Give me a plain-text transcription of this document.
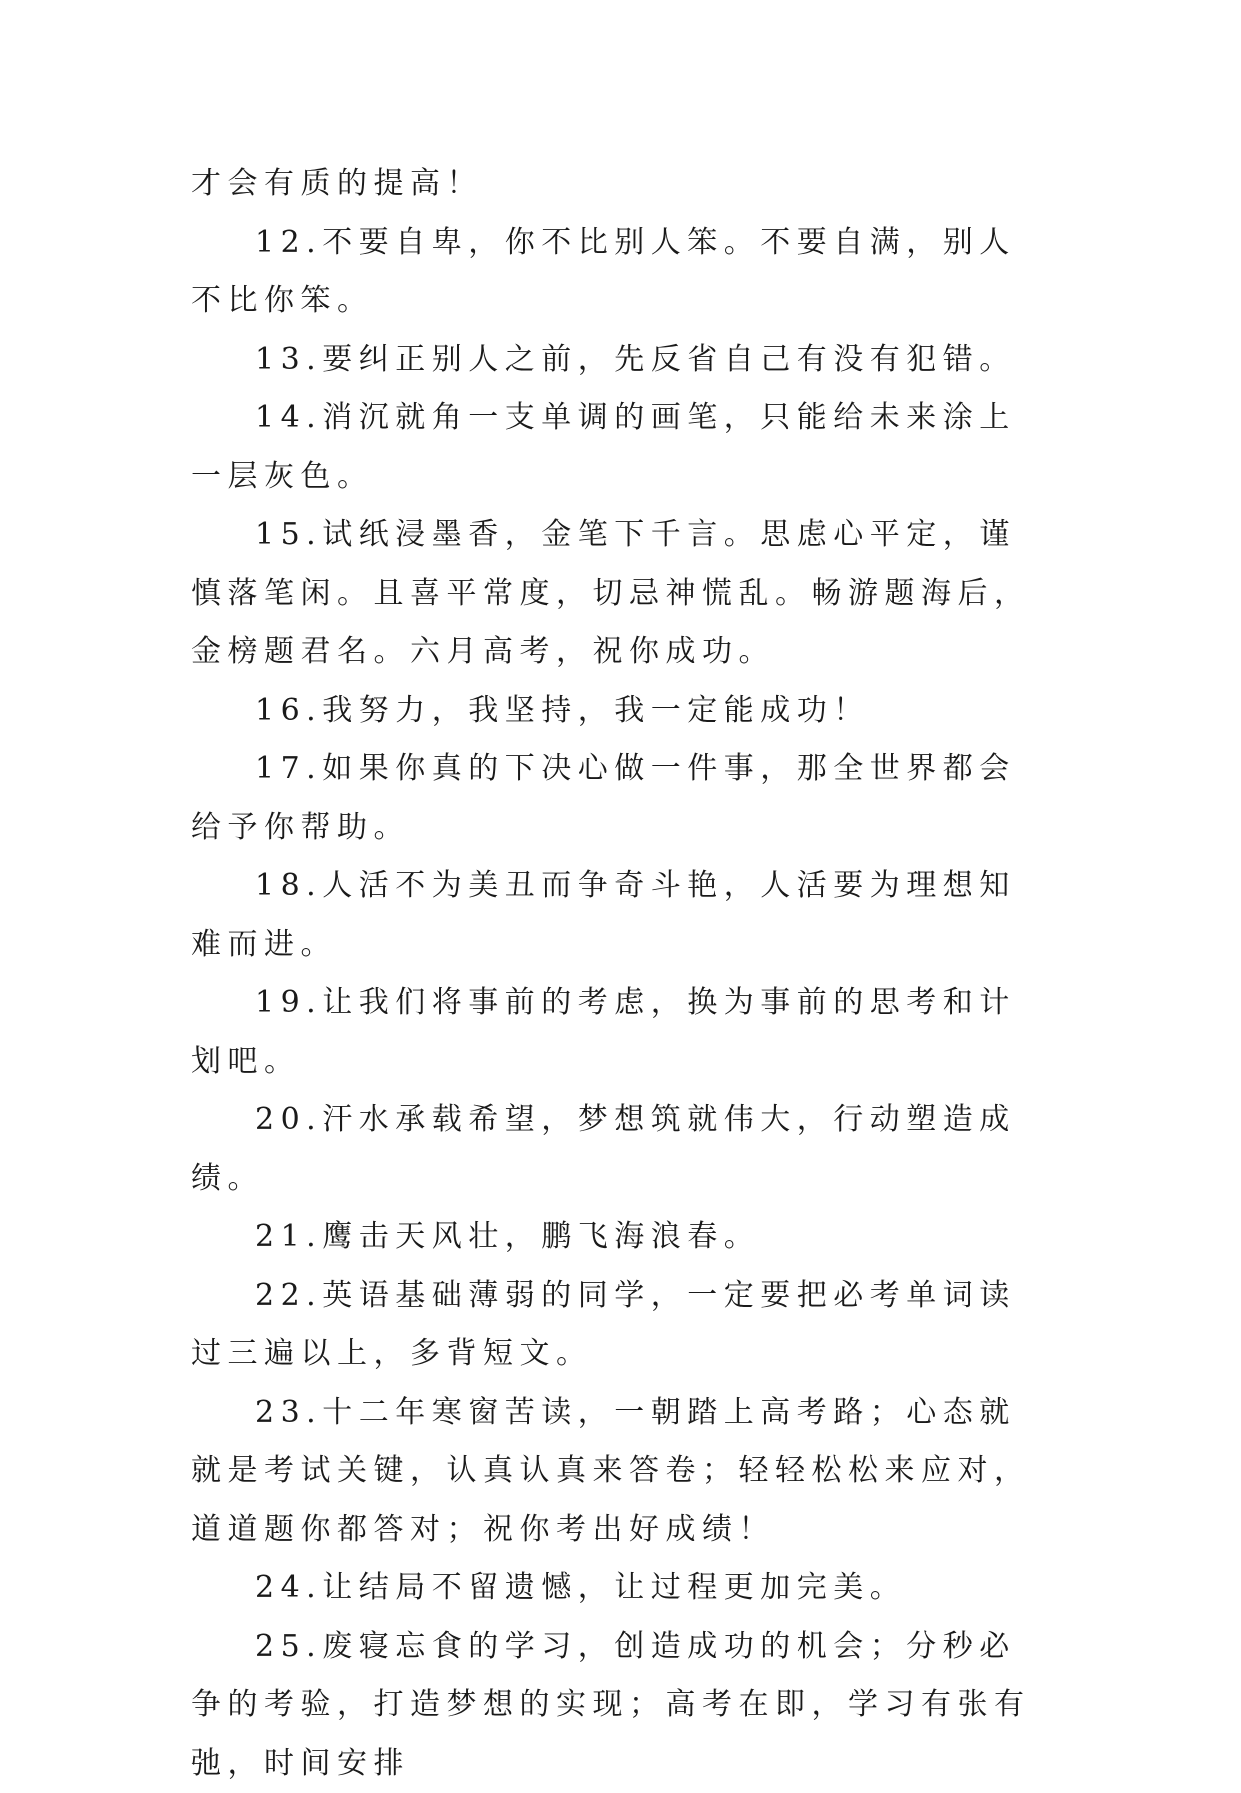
才会有质的提高！

12.不要自卑，你不比别人笨。不要自满，别人不比你笨。

13.要纠正别人之前，先反省自己有没有犯错。

14.消沉就角一支单调的画笔，只能给未来涂上一层灰色。

15.试纸浸墨香，金笔下千言。思虑心平定，谨慎落笔闲。且喜平常度，切忌神慌乱。畅游题海后，金榜题君名。六月高考，祝你成功。

16.我努力，我坚持，我一定能成功！

17.如果你真的下决心做一件事，那全世界都会给予你帮助。

18.人活不为美丑而争奇斗艳，人活要为理想知难而进。

19.让我们将事前的考虑，换为事前的思考和计划吧。

20.汗水承载希望，梦想筑就伟大，行动塑造成绩。

21.鹰击天风壮，鹏飞海浪春。

22.英语基础薄弱的同学，一定要把必考单词读过三遍以上，多背短文。

23.十二年寒窗苦读，一朝踏上高考路；心态就就是考试关键，认真认真来答卷；轻轻松松来应对，道道题你都答对；祝你考出好成绩！

24.让结局不留遗憾，让过程更加完美。

25.废寝忘食的学习，创造成功的机会；分秒必争的考验，打造梦想的实现；高考在即，学习有张有弛，时间安排
